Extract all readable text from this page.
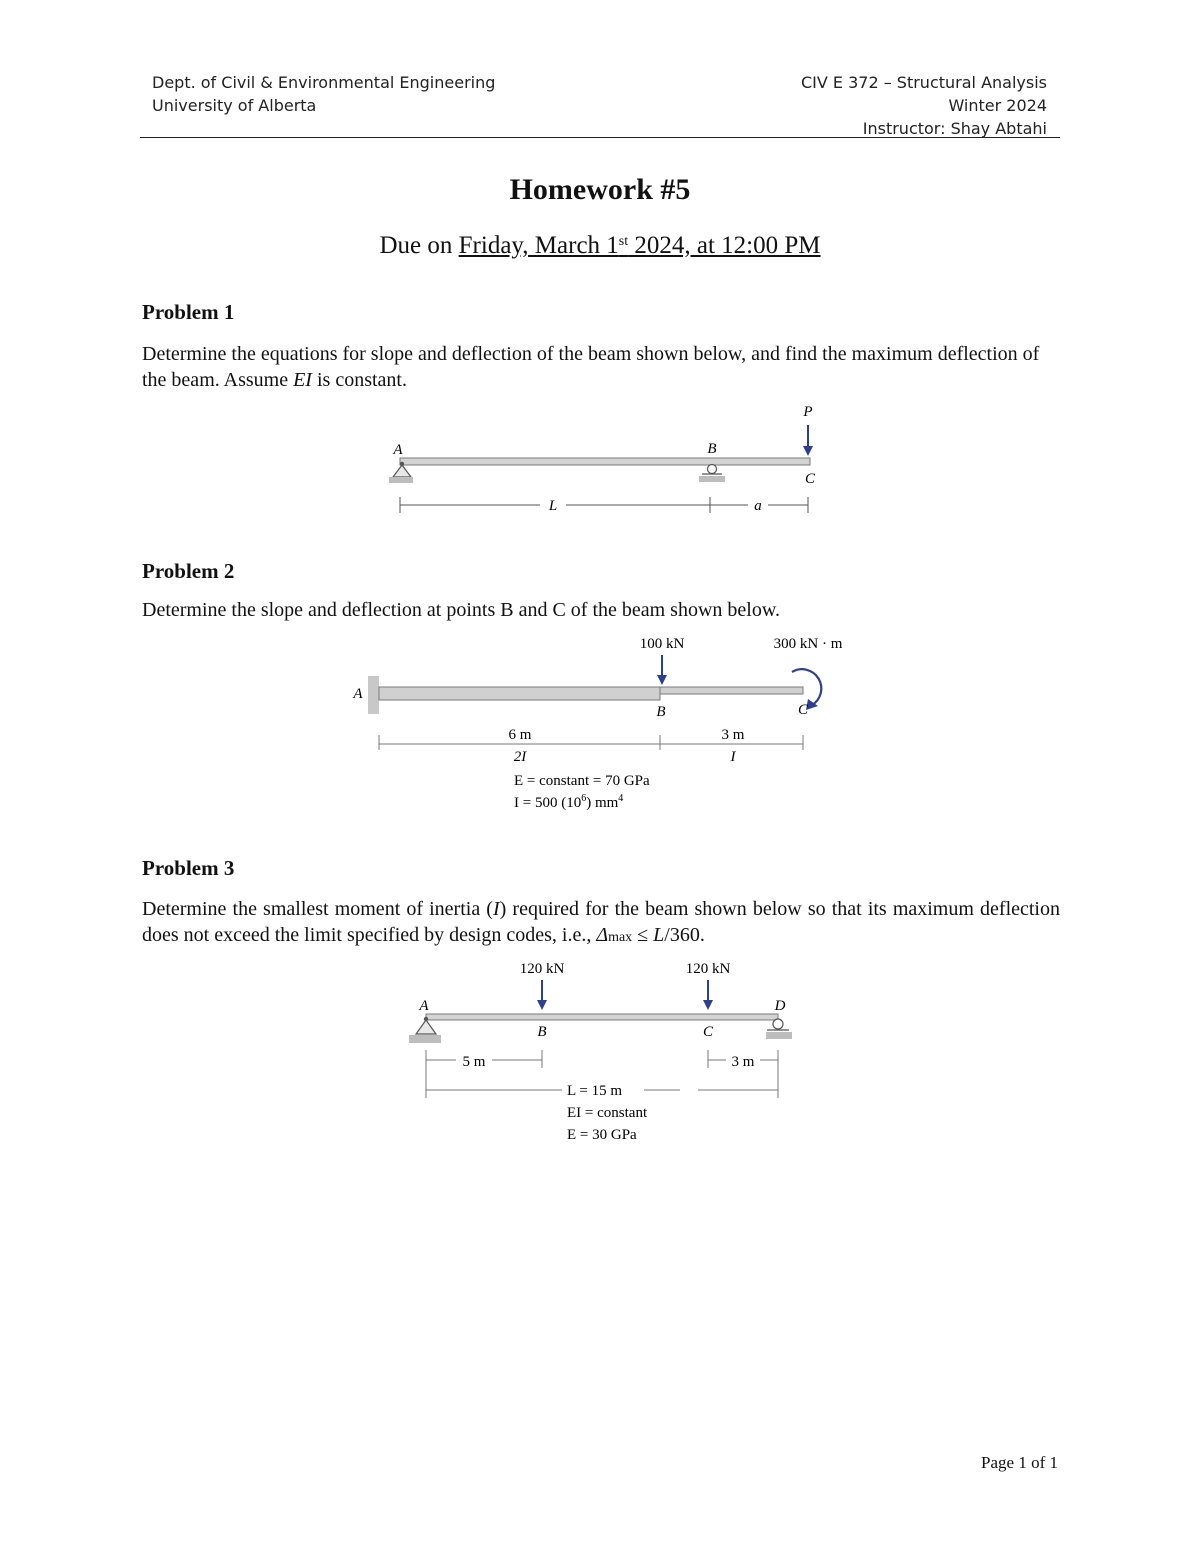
Dept. of Civil & Environmental Engineering
University of Alberta
CIV E 372 – Structural Analysis
Winter 2024
Instructor: Shay Abtahi
Homework #5
Due on Friday, March 1st 2024, at 12:00 PM
Problem 1
Determine the equations for slope and deflection of the beam shown below, and find the maximum deflection of the beam. Assume EI is constant.
P
A	B
C
L	a
Problem 2
Determine the slope and deflection at points B and C of the beam shown below.
100 kN	300 kN · m
A
B	C
6 m
2I
3 m
I
E = constant = 70 GPa
I = 500 $(10^6)$ $mm^4$
Problem 3
Determine the smallest moment of inertia (I) required for the beam shown below so that its maximum deflection does not exceed the limit specified by design codes, i.e., Δmax ≤ L/360.
120 kN	120 kN
A
B	C
D
5 m	3 m
L = 15 m
EI = constant
E = 30 GPa
Page 1 of 1
